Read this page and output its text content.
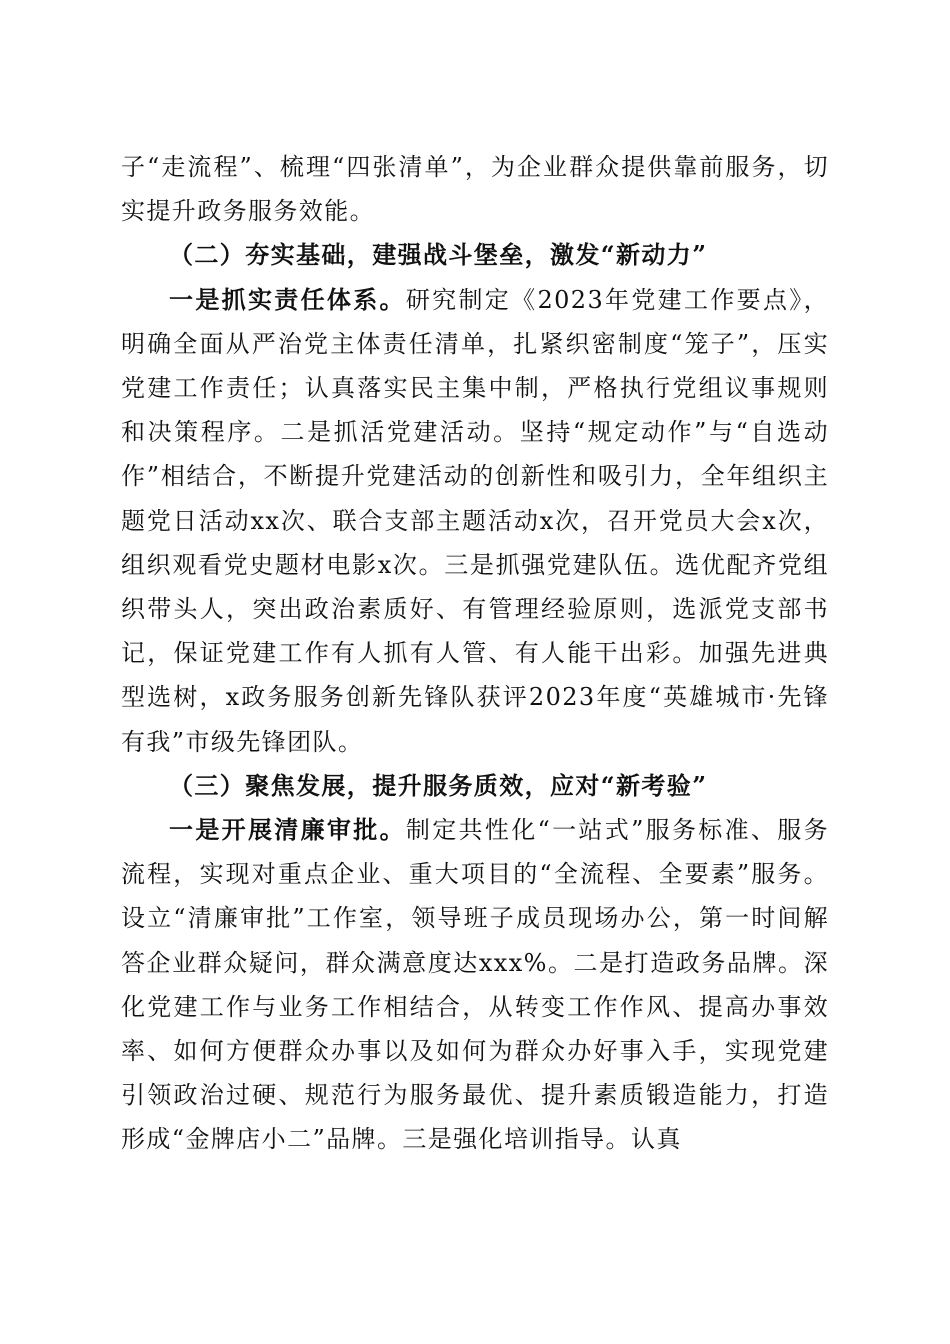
子“走流程”、梳理“四张清单”，为企业群众提供靠前服务，切实提升政务服务效能。

（二）夯实基础，建强战斗堡垒，激发“新动力”

一是抓实责任体系。研究制定《2023年党建工作要点》，明确全面从严治党主体责任清单，扎紧织密制度“笼子”，压实党建工作责任；认真落实民主集中制，严格执行党组议事规则和决策程序。二是抓活党建活动。坚持“规定动作”与“自选动作”相结合，不断提升党建活动的创新性和吸引力，全年组织主题党日活动xx次、联合支部主题活动x次，召开党员大会x次，组织观看党史题材电影x次。三是抓强党建队伍。选优配齐党组织带头人，突出政治素质好、有管理经验原则，选派党支部书记，保证党建工作有人抓有人管、有人能干出彩。加强先进典型选树，x政务服务创新先锋队获评2023年度“英雄城市·先锋有我”市级先锋团队。

（三）聚焦发展，提升服务质效，应对“新考验”

一是开展清廉审批。制定共性化“一站式”服务标准、服务流程，实现对重点企业、重大项目的“全流程、全要素”服务。设立“清廉审批”工作室，领导班子成员现场办公，第一时间解答企业群众疑问，群众满意度达xxx%。二是打造政务品牌。深化党建工作与业务工作相结合，从转变工作作风、提高办事效率、如何方便群众办事以及如何为群众办好事入手，实现党建引领政治过硬、规范行为服务最优、提升素质锻造能力，打造形成“金牌店小二”品牌。三是强化培训指导。认真
